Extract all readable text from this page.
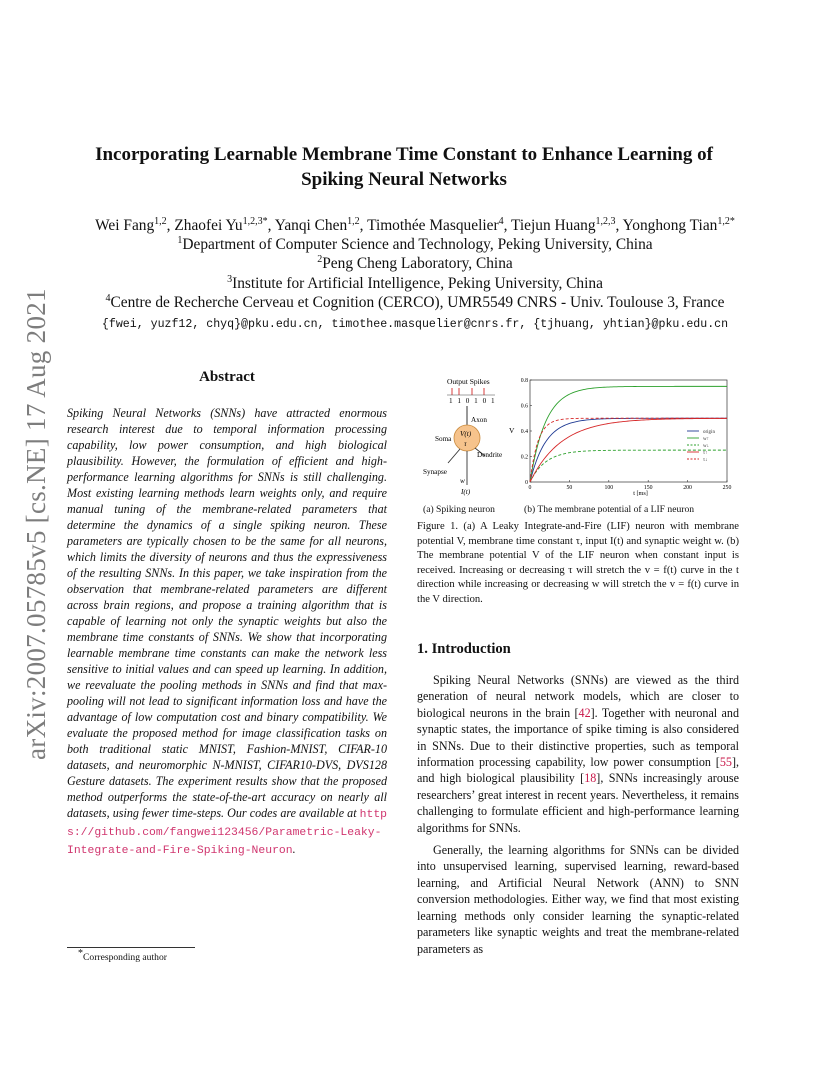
arXiv:2007.05785v5 [cs.NE] 17 Aug 2021
Incorporating Learnable Membrane Time Constant to Enhance Learning of
Spiking Neural Networks
Wei Fang$^{1,2}$, Zhaofei $Yu^{1,2,3*}$, Yanqi Chen$^{1,2}$, Timothée Masquelier$^4$, Tiejun Huang$^{1,2,3}$, Yonghong Tian$^{1,2*}$
$^1$Department of Computer Science and Technology, Peking University, China
$^2$Peng Cheng Laboratory, China
$^3$Institute for Artificial Intelligence, Peking University, China
$^4$Centre de Recherche Cerveau et Cognition (CERCO), UMR5549 CNRS - Univ. Toulouse 3, France
{fwei, yuzf12, chyq}@pku.edu.cn, timothee.masquelier@cnrs.fr, {tjhuang, yhtian}@pku.edu.cn
Abstract
Spiking Neural Networks (SNNs) have attracted enormous research interest due to temporal information processing capability, low power consumption, and high biological plausibility. However, the formulation of efficient and high-performance learning algorithms for SNNs is still challenging. Most existing learning methods learn weights only, and require manual tuning of the membrane-related parameters that determine the dynamics of a single spiking neuron. These parameters are typically chosen to be the same for all neurons, which limits the diversity of neurons and thus the expressiveness of the resulting SNNs. In this paper, we take inspiration from the observation that membrane-related parameters are different across brain regions, and propose a training algorithm that is capable of learning not only the synaptic weights but also the membrane time constants of SNNs. We show that incorporating learnable membrane time constants can make the network less sensitive to initial values and can speed up learning. In addition, we reevaluate the pooling methods in SNNs and find that max-pooling will not lead to significant information loss and have the advantage of low computation cost and binary compatibility. We evaluate the proposed method for image classification tasks on both traditional static MNIST, Fashion-MNIST, CIFAR-10 datasets, and neuromorphic N-MNIST, CIFAR10-DVS, DVS128 Gesture datasets. The experiment results show that the proposed method outperforms the state-of-the-art accuracy on nearly all datasets, using fewer time-steps. Our codes are available at https://github.com/fangwei123456/Parametric-Leaky-Integrate-and-Fire-Spiking-Neuron.
*Corresponding author
Output Spikes
1 1 0 1 0 1
Axon
V(t)
τ
Soma
Dendrite
Synapse
w
I(t)	0	50	100	150	200	250
0
0.2
0.4
0.6
0.8
t [ms]
V	origin
w↑
w↓
τ↑
τ↓
(a) Spiking neuron	(b) The membrane potential of a LIF neuron
Figure 1. (a) A Leaky Integrate-and-Fire (LIF) neuron with membrane potential V, membrane time constant τ, input I(t) and synaptic weight w. (b) The membrane potential V of the LIF neuron when constant input is received. Increasing or decreasing τ will stretch the v = f(t) curve in the t direction while increasing or decreasing w will stretch the v = f(t) curve in the V direction.
1. Introduction

Spiking Neural Networks (SNNs) are viewed as the third generation of neural network models, which are closer to biological neurons in the brain [42]. Together with neuronal and synaptic states, the importance of spike timing is also considered in SNNs. Due to their distinctive properties, such as temporal information processing capability, low power consumption [55], and high biological plausibility [18], SNNs increasingly arouse researchers’ great interest in recent years. Nevertheless, it remains challenging to formulate efficient and high-performance learning algorithms for SNNs.

Generally, the learning algorithms for SNNs can be divided into unsupervised learning, supervised learning, reward-based learning, and Artificial Neural Network (ANN) to SNN conversion methodologies. Either way, we find that most existing learning methods only consider learning the synaptic-related parameters like synaptic weights and treat the membrane-related parameters as
